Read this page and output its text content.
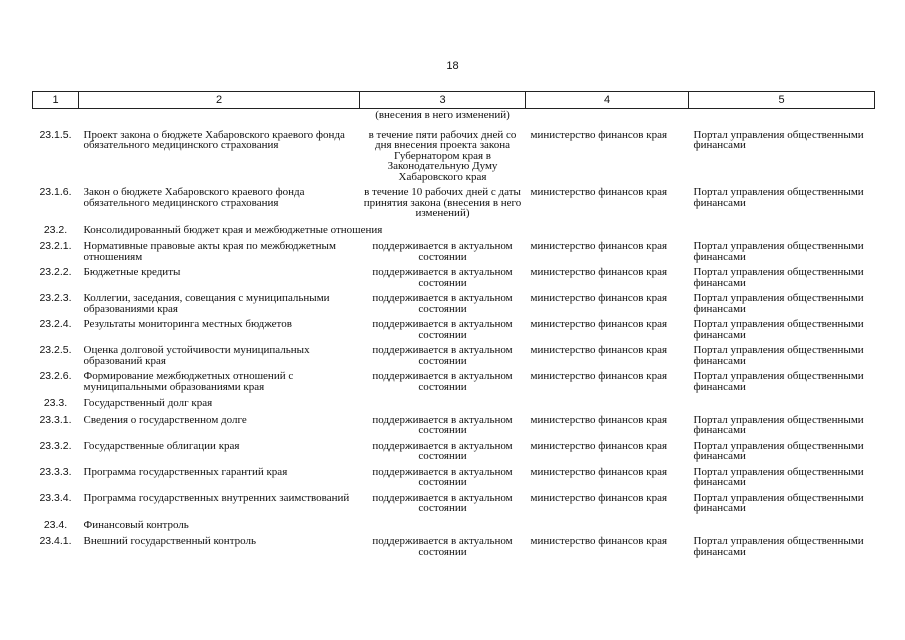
18
1	2	3	4	5
		(внесения в него изменений)		
23.1.5.	Проект закона о бюджете Хабаровского краевого фонда обязательного медицинского страхования	в течение пяти рабочих дней со дня внесения проекта закона Губернатором края в Законодательную Думу Хабаровского края	министерство финансов края	Портал управления общественными финансами
23.1.6.	Закон о бюджете Хабаровского краевого фонда обязательного медицинского страхования	в течение 10 рабочих дней с даты принятия закона (внесения в него изменений)	министерство финансов края	Портал управления общественными финансами
23.2.	Консолидированный бюджет края и межбюджетные отношения			
23.2.1.	Нормативные правовые акты края по межбюджетным отношениям	поддерживается в актуальном состоянии	министерство финансов края	Портал управления общественными финансами
23.2.2.	Бюджетные кредиты	поддерживается в актуальном состоянии	министерство финансов края	Портал управления общественными финансами
23.2.3.	Коллегии, заседания, совещания с муниципальными образованиями края	поддерживается в актуальном состоянии	министерство финансов края	Портал управления общественными финансами
23.2.4.	Результаты мониторинга местных бюджетов	поддерживается в актуальном состоянии	министерство финансов края	Портал управления общественными финансами
23.2.5.	Оценка долговой устойчивости муниципальных образований края	поддерживается в актуальном состоянии	министерство финансов края	Портал управления общественными финансами
23.2.6.	Формирование межбюджетных отношений с муниципальными образованиями края	поддерживается в актуальном состоянии	министерство финансов края	Портал управления общественными финансами
23.3.	Государственный долг края			
23.3.1.	Сведения о государственном долге	поддерживается в актуальном состоянии	министерство финансов края	Портал управления общественными финансами
23.3.2.	Государственные облигации края	поддерживается в актуальном состоянии	министерство финансов края	Портал управления общественными финансами
23.3.3.	Программа государственных гарантий края	поддерживается в актуальном состоянии	министерство финансов края	Портал управления общественными финансами
23.3.4.	Программа государственных внутренних заимствований	поддерживается в актуальном состоянии	министерство финансов края	Портал управления общественными финансами
23.4.	Финансовый контроль			
23.4.1.	Внешний государственный контроль	поддерживается в актуальном состоянии	министерство финансов края	Портал управления общественными финансами
